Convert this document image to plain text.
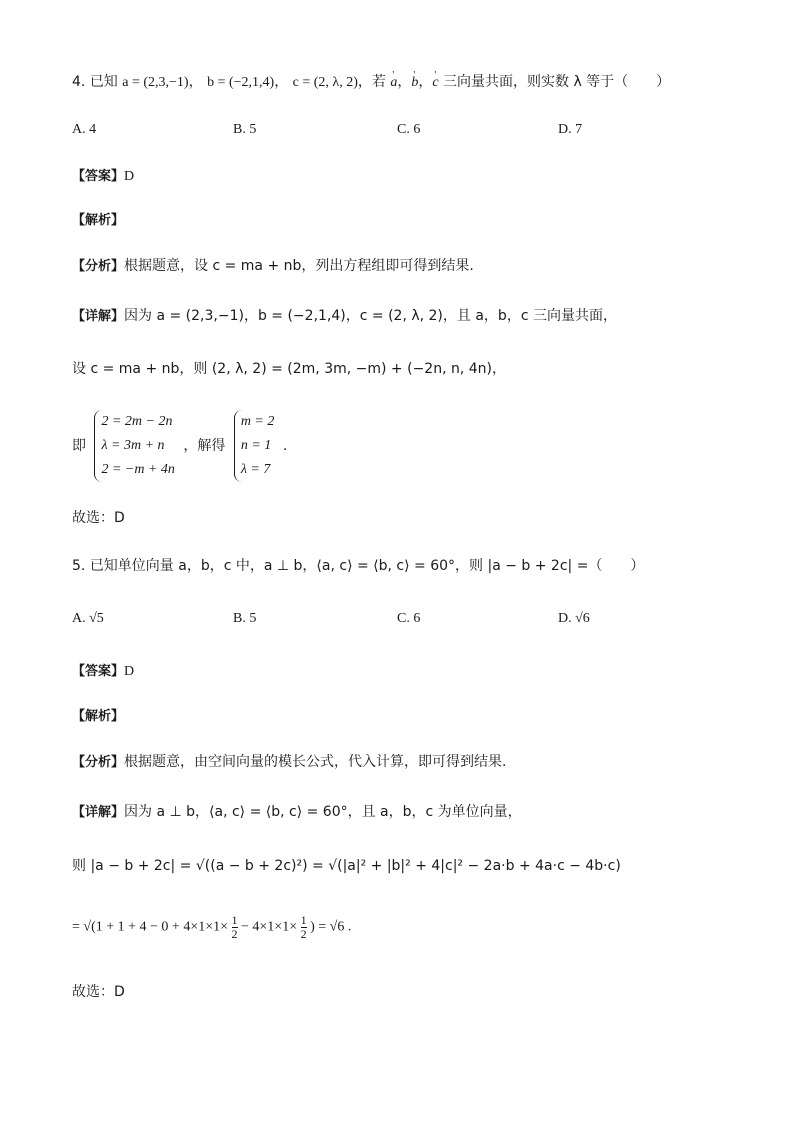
4. 已知 a = (2,3,−1)， b = (−2,1,4)， c = (2, λ, 2)，若 ' a，' b，' c 三向量共面，则实数 λ 等于（　　）
A. 4	B. 5	C. 6	D. 7
【答案】D
【解析】
【分析】根据题意，设 c = ma + nb，列出方程组即可得到结果.
【详解】因为 a = (2,3,−1)，b = (−2,1,4)，c = (2, λ, 2)，且 a，b，c 三向量共面，
设 c = ma + nb，则 (2, λ, 2) = (2m, 3m, −m) + (−2n, n, 4n)，
即
2 = 2m − 2n
λ = 3m + n
2 = −m + 4n
，解得
m = 2
n = 1
λ = 7
.
故选：D
5. 已知单位向量 a，b，c 中，a ⊥ b，⟨a, c⟩ = ⟨b, c⟩ = 60°，则 |a − b + 2c| =（　　）
A. √5	B. 5	C. 6	D. √6
【答案】D
【解析】
【分析】根据题意，由空间向量的模长公式，代入计算，即可得到结果.
【详解】因为 a ⊥ b，⟨a, c⟩ = ⟨b, c⟩ = 60°，且 a，b，c 为单位向量，
则 |a − b + 2c| = √((a − b + 2c)²) = √(|a|² + |b|² + 4|c|² − 2a·b + 4a·c − 4b·c)
= $√(1 + 1 + 4 - 0 + 4\times 1\times 1\times \frac{1}{2} - 4\times 1\times 1\times \frac{1}{2}$ ) = √6 .
故选：D
